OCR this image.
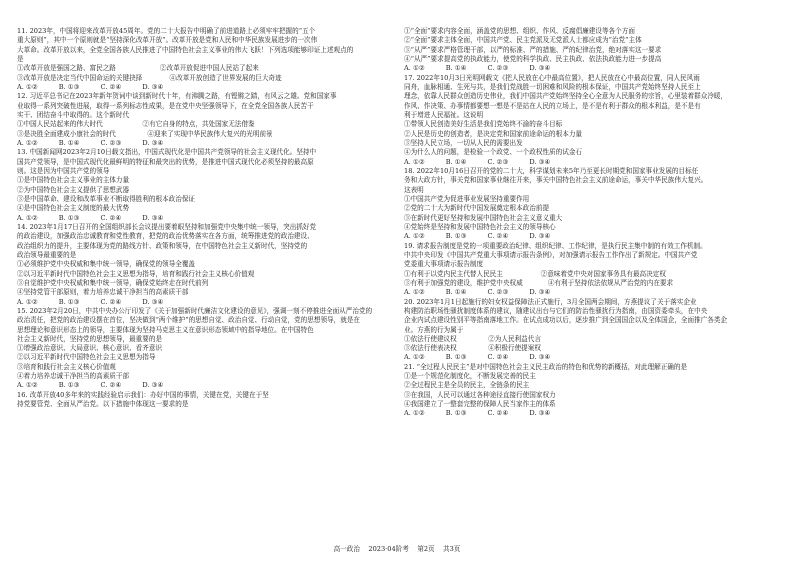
11. 2023年，中国将迎来改革开放45周年。党的二十大报告中明确了前进道路上必须牢牢把握的“五个
重大原则”，其中一个原则就是“坚持深化改革开放”。改革开放是党和人民和中华民族发展进步的一次伟
大革命。改革开放以来，全党全国各族人民推进了中国特色社会主义事业的伟大飞跃！下列选项能够印证上述观点的
是
①改革开放是强国之路、富民之路                     ②改革开放促进中国人民站了起来
③改革开放是决定当代中国命运的关键抉择             ④改革开放创造了世界发展的巨大奇迹
A. ①②          B. ①③          C. ②④          D. ③④
12. 习近平总书记在2023年新年贺词中谈到新时代十年，有沸腾之路，有铿锵之踏，有风云之雄。党和国家事
业取得一系列突破性进展，取得一系列标志性成果，是在党中央坚强领导下，在全党全国各族人民苦干
实干、团结奋斗中取得的。这个新时代
①中国人民站起来的伟大时代                   ②有它自身的特点，共处国家无法借鉴
③是决胜全面建成小康社会的时代               ④迎来了实现中华民族伟大复兴的光明前景
A. ①②          B. ①④          C. ②③          D. ③④
13. 中国新闻网2023年2月10日载文指出，中国式现代化是中国共产党领导的社会主义现代化。坚持中
国共产党领导，是中国式现代化最鲜明的特征和最突出的优势，是推进中国式现代化必须坚持的最高原
则。这是因为中国共产党的领导
①是中国特色社会主义事业的主体力量
②为中国特色社会主义提供了思想武器
③是中国革命、建设和改革事业不断取得胜利的根本政治保证
④是中国特色社会主义制度的最大优势
A. ①②          B. ①③          C. ②④          D. ③④
14. 2023年1月17日召开的全国组织部长会议提出要着眼坚持和加强党中央集中统一领导，突出抓好党
的政治建设，加强政治忠诚教育和党性教育，把党的政治优势落实在各方面，统筹推进党的政治建设、
政治组织力的提升，主要体现为党的路线方针、政策和领导，在中国特色社会主义新时代，坚持党的
政治领导最重要的是
①必须维护党中央权威和集中统一领导，确保党的领导全覆盖
②以习近平新时代中国特色社会主义思想为指导，培育和践行社会主义核心价值观
③自觉维护党中央权威和集中统一领导，确保党始终走在时代前列
④坚持党管干部原则，着力培养忠诚干净担当的高素质干部
A. ①②          B. ①③          C. ②④          D. ③④
15. 2023年2月20日，中共中央办公厅印发了《关于加强新时代廉洁文化建设的意见》，强调一刻不停推进全面从严治党的
政治责任，把党的政治建设摆在首位，坚决做到“两个维护”的思想自觉、政治自觉、行动自觉，党的思想领导，就是在
思想理论和意识形态上的领导，主要体现为坚持马克思主义在意识形态领域中的指导地位。在中国特色
社会主义新时代，坚持党的思想领导，最重要的是
①增强政治意识、大局意识、核心意识、看齐意识
②以习近平新时代中国特色社会主义思想为指导
③培育和践行社会主义核心价值观
④着力培养忠诚干净担当的高素质干部
A. ①②          B. ①③          C. ②④          D. ③④
16. 改革开放40多年来的实践经验启示我们：办好中国的事情，关键在党，关键在于坚
持党要管党、全面从严治党。以下措施中体现这一要求的是
①“全面”要求内容全面，涵盖党的思想、组织、作风、反腐倡廉建设等各个方面
②“全面”要求主体全面，中国共产党、民主党派及无党派人士都应成为“治党”主体
③“从严”要求严格管理干部，以严的标准、严的措施、严的纪律治党，绝对落实这一要求
④“从严”要求提高党的执政能力，使党的科学执政、民主执政、依法执政能力进一步提高
A. ①②          B. ①④          C. ②③          D. ③④
17. 2022年10月3日光明网载文《把人民放在心中最高位置》，把人民放在心中最高位置，同人民风雨
同舟，血脉相通、生死与共，是我们党战胜一切困难和风险的根本保证，中国共产党始终坚持人民至上
理念，依靠人民群众创造历史伟业，我们中国共产党始终坚持全心全意为人民服务的宗旨，心里装着群众冷暖，
作风、作决策、办事情都要想一想是不是站在人民的立场上，是不是有利于群众的根本利益，是不是有
利于增进人民福祉。这说明
①带领人民创造美好生活是我们党始终不渝的奋斗目标
②人民是历史的创造者，是决定党和国家前途命运的根本力量
③坚持人民立场，一切从人民的需要出发
④为什么人的问题，是检验一个政党、一个政权性质的试金石
A. ①②          B. ①④          C. ②③          D. ③④
18. 2022年10月16日召开的党的二十大，科学谋划未来5年乃至更长时期党和国家事业发展的目标任
务和大政方针，事关党和国家事业继往开来，事关中国特色社会主义前途命运，事关中华民族伟大复兴。
这表明
①中国共产党为促进事业发展坚持重要作用
②党的二十大为新时代中国发展奠定根本政治前提
③在新时代更好坚持和发展中国特色社会主义意义重大
④党始终是坚持和发展中国特色社会主义的领导核心
A. ①②          B. ①③          C. ②④          D. ③④
19. 请求报告制度是党的一项重要政治纪律、组织纪律、工作纪律，是执行民主集中制的有效工作机制。
中共中央印发《中国共产党重大事项请示报告条例》，对加强请示报告工作作出了新规定。中国共产党
党委重大事项请示报告制度
①有利于以党内民主代替人民民主                  ②意味着党中央对国家事务具有最高决定权
③有利于加强党的建设，维护党中央权威            ④有利于坚持依法依规从严治党的内在要求
A. ①②          B. ①④          C. ②③          D. ③④
20. 2023年1月1日起施行的妇女权益保障法正式施行，3月全国两会期间，方燕提议了关于落实企业
构建防治职场性骚扰制度体系的建议，随建议出台与它们的防治性骚扰行为指南，由国资委牵头，在中央
企业内试点建设性别平等指南落地工作。在试点成功以后，逐步推广到全国国企以及全体国企，全面推广各类企
业。方燕的行为属于
①依法行使建议权               ②为人民利益代言
③依法行使表决权               ④积极行使提案权
A. ①②          B. ①③          C. ②④          D. ③④
21. “全过程人民民主”是对中国特色社会主义民主政治的特色和优势的新概括，对此理解正确的是
①是一个规范化制度化，不断发展完善的民主
②全过程民主是全员的民主，全链条的民主
③在我国，人民可以通过各种途径直接行使国家权力
④我国建立了一整套完整的保障人民当家作主的体系
A. ①②          B. ①③          C. ②④          D. ③④
高一政治    2023·04阶考    第2页    共3页
